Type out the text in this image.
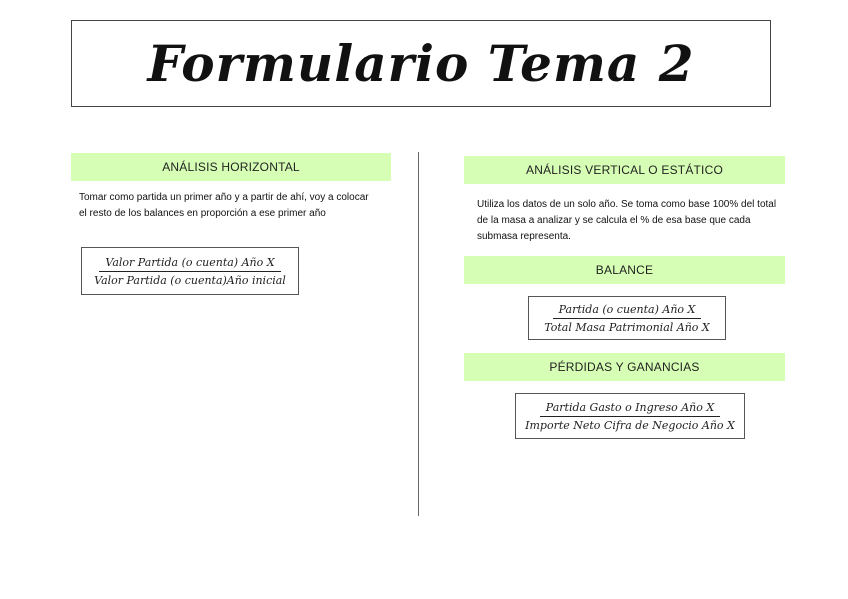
Formulario Tema 2
ANÁLISIS HORIZONTAL
Tomar como partida un primer año y a partir de ahí, voy a colocar el resto de los balances en proporción a ese primer año
Valor Partida (o cuenta) Año X
Valor Partida (o cuenta)Año inicial
ANÁLISIS VERTICAL O ESTÁTICO
Utiliza los datos de un solo año. Se toma como base 100% del total de la masa a analizar y se calcula el % de esa base que cada submasa representa.
BALANCE
Partida (o cuenta) Año X
Total Masa Patrimonial Año X
PÉRDIDAS Y GANANCIAS
Partida Gasto o Ingreso Año X
Importe Neto Cifra de Negocio Año X
